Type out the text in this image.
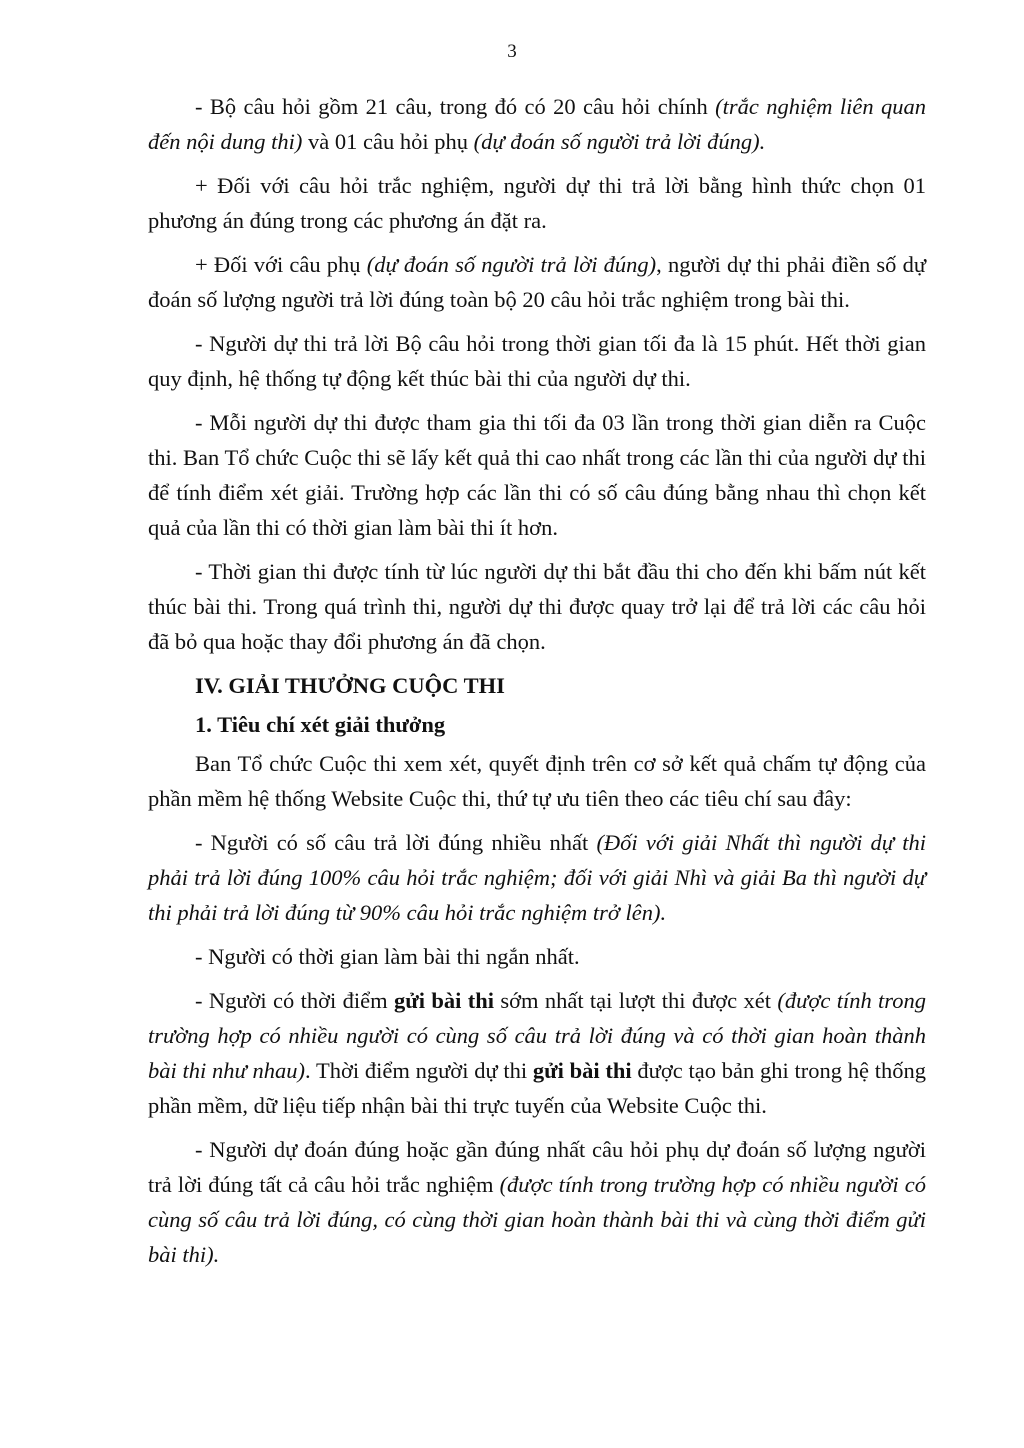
3

- Bộ câu hỏi gồm 21 câu, trong đó có 20 câu hỏi chính (trắc nghiệm liên quan đến nội dung thi) và 01 câu hỏi phụ (dự đoán số người trả lời đúng).

+ Đối với câu hỏi trắc nghiệm, người dự thi trả lời bằng hình thức chọn 01 phương án đúng trong các phương án đặt ra.

+ Đối với câu phụ (dự đoán số người trả lời đúng), người dự thi phải điền số dự đoán số lượng người trả lời đúng toàn bộ 20 câu hỏi trắc nghiệm trong bài thi.

- Người dự thi trả lời Bộ câu hỏi trong thời gian tối đa là 15 phút. Hết thời gian quy định, hệ thống tự động kết thúc bài thi của người dự thi.

- Mỗi người dự thi được tham gia thi tối đa 03 lần trong thời gian diễn ra Cuộc thi. Ban Tổ chức Cuộc thi sẽ lấy kết quả thi cao nhất trong các lần thi của người dự thi để tính điểm xét giải. Trường hợp các lần thi có số câu đúng bằng nhau thì chọn kết quả của lần thi có thời gian làm bài thi ít hơn.

- Thời gian thi được tính từ lúc người dự thi bắt đầu thi cho đến khi bấm nút kết thúc bài thi. Trong quá trình thi, người dự thi được quay trở lại để trả lời các câu hỏi đã bỏ qua hoặc thay đổi phương án đã chọn.

IV. GIẢI THƯỞNG CUỘC THI

1. Tiêu chí xét giải thưởng

Ban Tổ chức Cuộc thi xem xét, quyết định trên cơ sở kết quả chấm tự động của phần mềm hệ thống Website Cuộc thi, thứ tự ưu tiên theo các tiêu chí sau đây:

- Người có số câu trả lời đúng nhiều nhất (Đối với giải Nhất thì người dự thi phải trả lời đúng 100% câu hỏi trắc nghiệm; đối với giải Nhì và giải Ba thì người dự thi phải trả lời đúng từ 90% câu hỏi trắc nghiệm trở lên).

- Người có thời gian làm bài thi ngắn nhất.

- Người có thời điểm gửi bài thi sớm nhất tại lượt thi được xét (được tính trong trường hợp có nhiều người có cùng số câu trả lời đúng và có thời gian hoàn thành bài thi như nhau). Thời điểm người dự thi gửi bài thi được tạo bản ghi trong hệ thống phần mềm, dữ liệu tiếp nhận bài thi trực tuyến của Website Cuộc thi.

- Người dự đoán đúng hoặc gần đúng nhất câu hỏi phụ dự đoán số lượng người trả lời đúng tất cả câu hỏi trắc nghiệm (được tính trong trường hợp có nhiều người có cùng số câu trả lời đúng, có cùng thời gian hoàn thành bài thi và cùng thời điểm gửi bài thi).
